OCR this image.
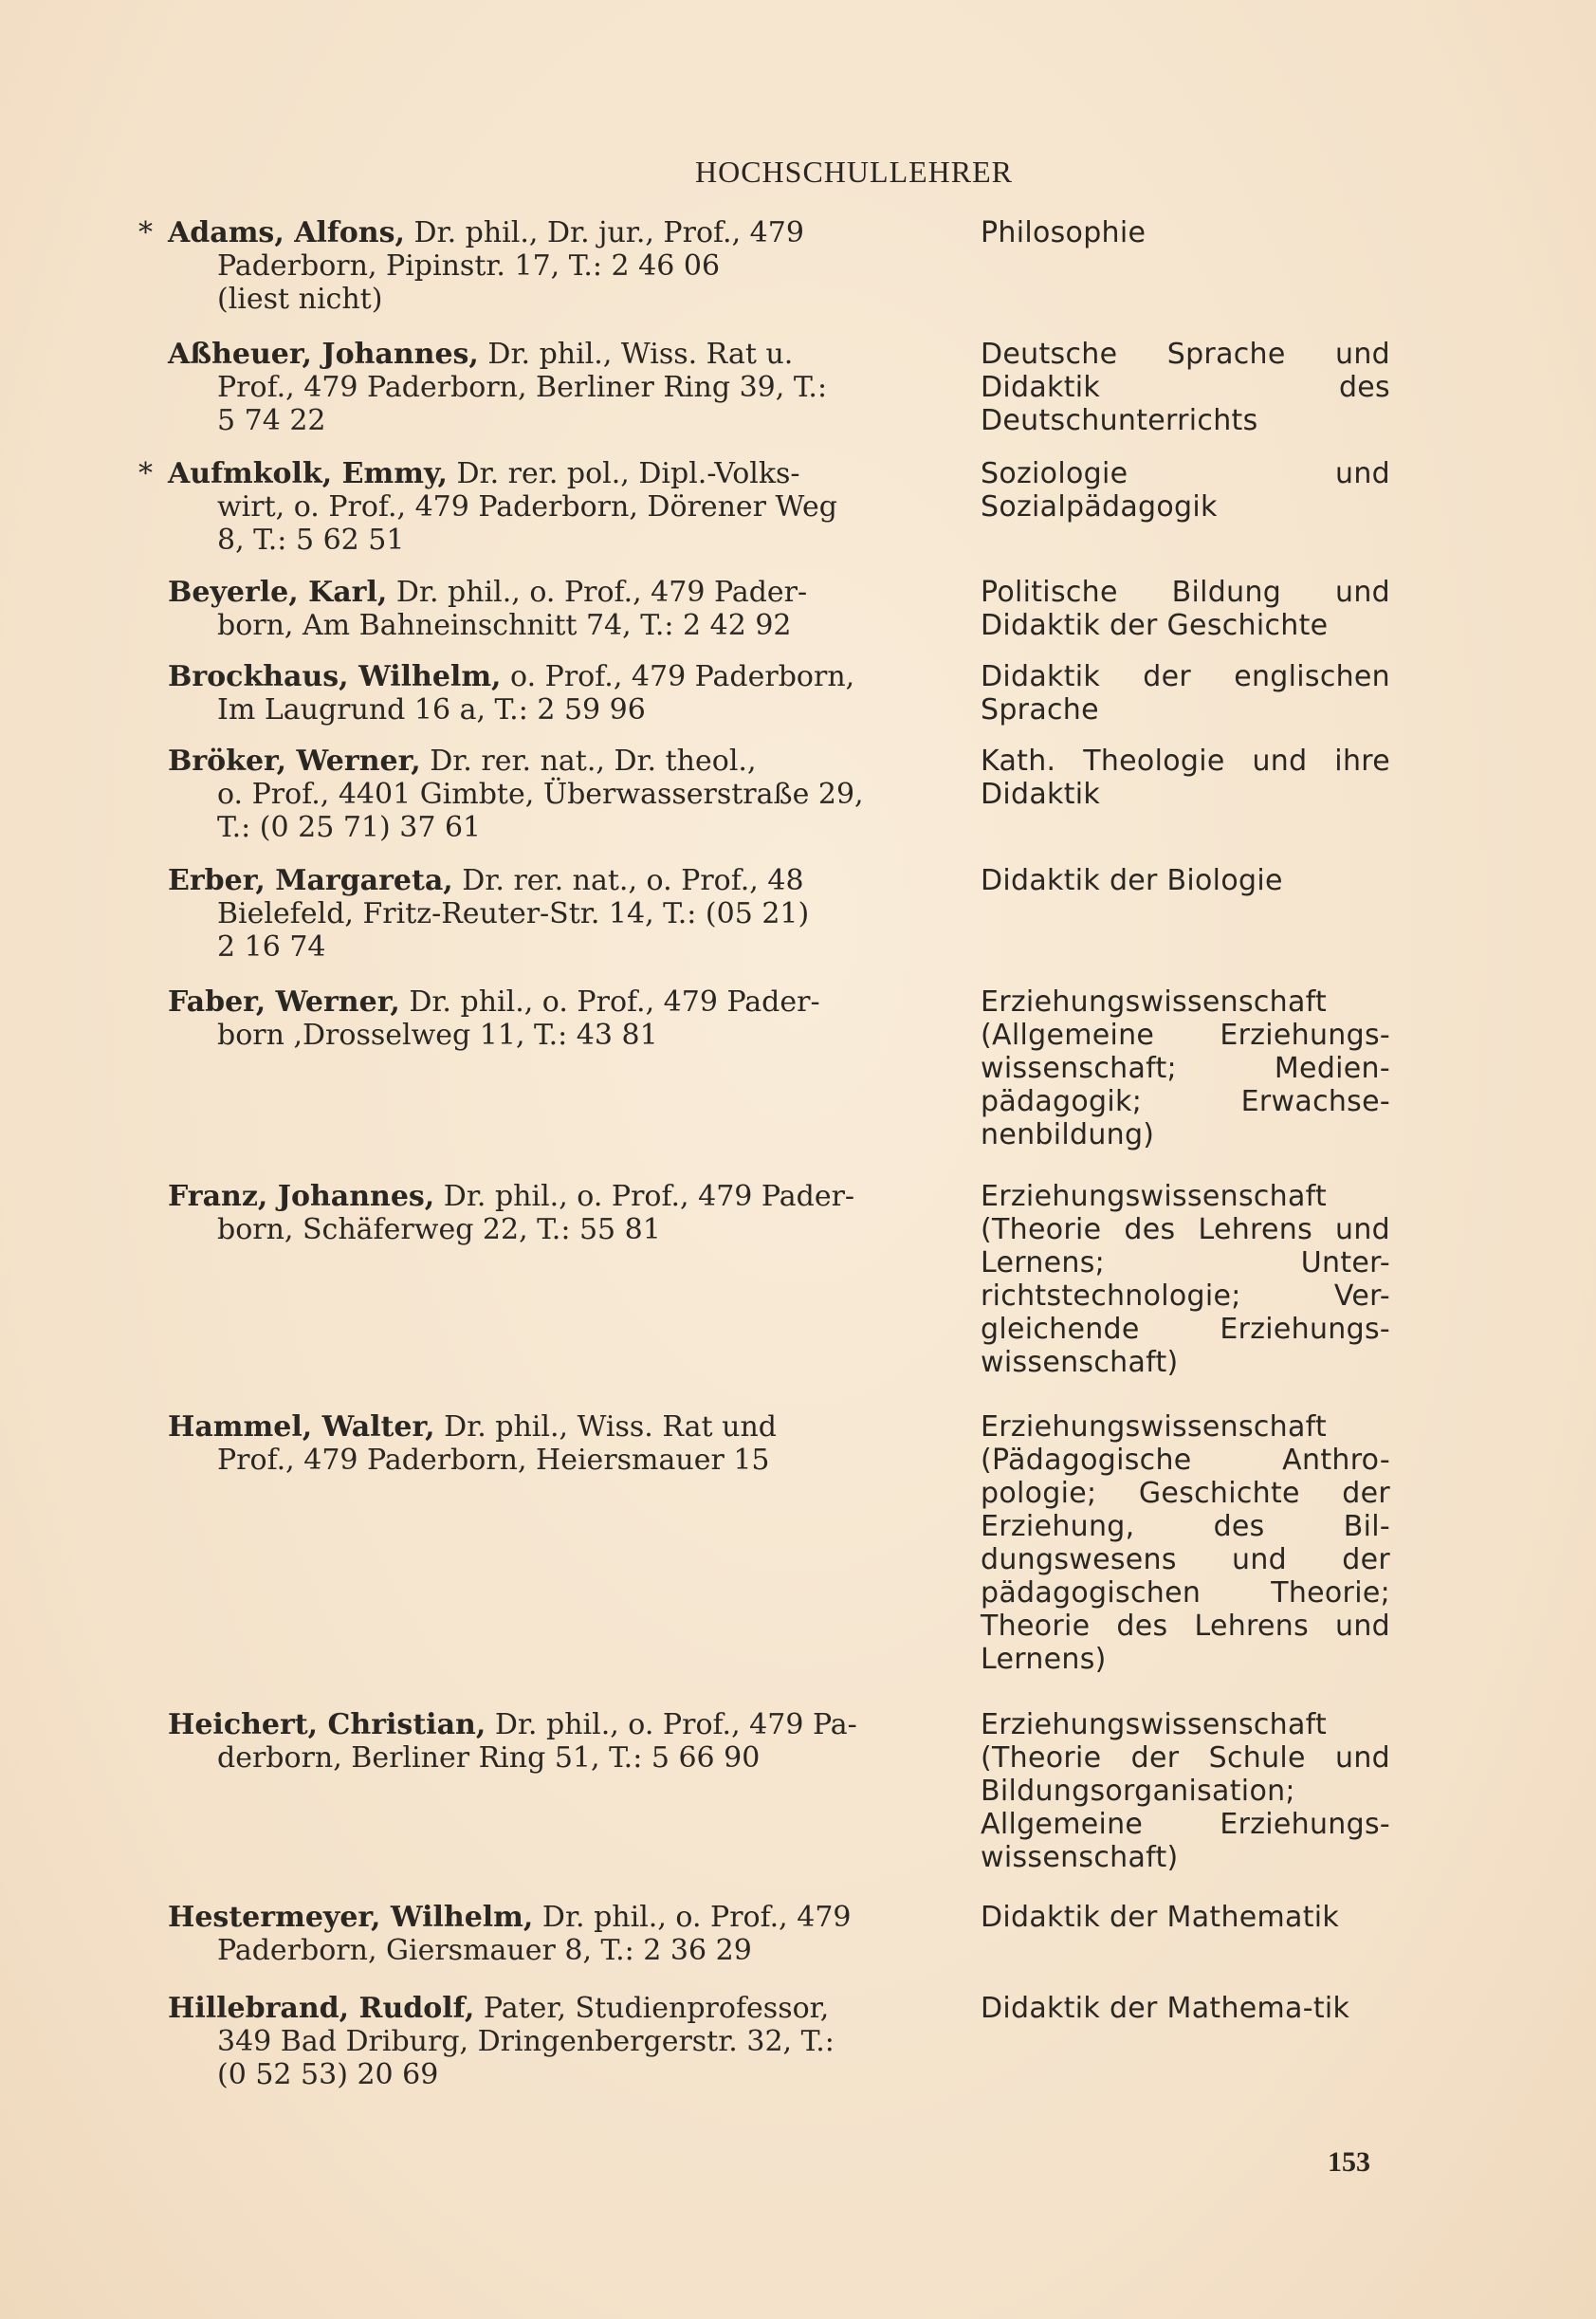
HOCHSCHULLEHRER
* Adams, Alfons, Dr. phil., Dr. jur., Prof., 479
Paderborn, Pipinstr. 17, T.: 2 46 06
(liest nicht)
Philosophie
Aßheuer, Johannes, Dr. phil., Wiss. Rat u.
Prof., 479 Paderborn, Berliner Ring 39, T.:
5 74 22
Deutsche Sprache und Didaktik des Deutschunterrichts
* Aufmkolk, Emmy, Dr. rer. pol., Dipl.-Volks-
wirt, o. Prof., 479 Paderborn, Dörener Weg
8, T.: 5 62 51
Soziologie und Sozialpädagogik
Beyerle, Karl, Dr. phil., o. Prof., 479 Pader-
born, Am Bahneinschnitt 74, T.: 2 42 92
Politische Bildung und Didaktik der Geschichte
Brockhaus, Wilhelm, o. Prof., 479 Paderborn,
Im Laugrund 16 a, T.: 2 59 96
Didaktik der englischen Sprache
Bröker, Werner, Dr. rer. nat., Dr. theol.,
o. Prof., 4401 Gimbte, Überwasserstraße 29,
T.: (0 25 71) 37 61
Kath. Theologie und ihre Didaktik
Erber, Margareta, Dr. rer. nat., o. Prof., 48
Bielefeld, Fritz-Reuter-Str. 14, T.: (05 21)
2 16 74
Didaktik der Biologie
Faber, Werner, Dr. phil., o. Prof., 479 Pader-
born ,Drosselweg 11, T.: 43 81
Erziehungswissenschaft (Allgemeine Erziehungs-wissenschaft; Medien-pädagogik; Erwachse-nenbildung)
Franz, Johannes, Dr. phil., o. Prof., 479 Pader-
born, Schäferweg 22, T.: 55 81
Erziehungswissenschaft (Theorie des Lehrens und Lernens; Unter-richtstechnologie; Ver-gleichende Erziehungs-wissenschaft)
Hammel, Walter, Dr. phil., Wiss. Rat und
Prof., 479 Paderborn, Heiersmauer 15
Erziehungswissenschaft (Pädagogische Anthro-pologie; Geschichte der Erziehung, des Bil-dungswesens und der pädagogischen Theorie; Theorie des Lehrens und Lernens)
Heichert, Christian, Dr. phil., o. Prof., 479 Pa-
derborn, Berliner Ring 51, T.: 5 66 90
Erziehungswissenschaft (Theorie der Schule und Bildungsorganisation; Allgemeine Erziehungs-wissenschaft)
Hestermeyer, Wilhelm, Dr. phil., o. Prof., 479
Paderborn, Giersmauer 8, T.: 2 36 29
Didaktik der Mathematik
Hillebrand, Rudolf, Pater, Studienprofessor,
349 Bad Driburg, Dringenbergerstr. 32, T.:
(0 52 53) 20 69
Didaktik der Mathema-tik
153
